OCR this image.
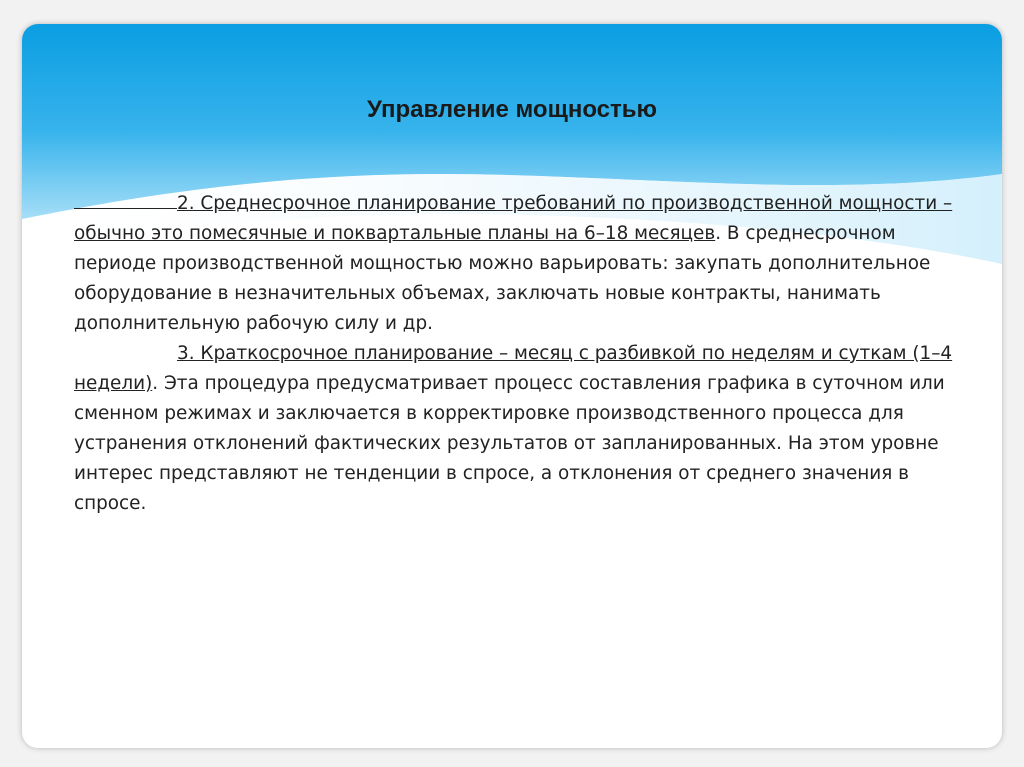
Управление мощностью

2. Среднесрочное планирование требований по производственной мощности – обычно это помесячные и поквартальные планы на 6–18 месяцев. В среднесрочном периоде производственной мощностью можно варьировать: закупать дополнительное оборудование в незначительных объемах, заключать новые контракты, нанимать дополнительную рабочую силу и др.

3. Краткосрочное планирование – месяц с разбивкой по неделям и суткам (1–4 недели). Эта процедура предусматривает процесс составления графика в суточном или сменном режимах и заключается в корректировке производственного процесса для устранения отклонений фактических результатов от запланированных. На этом уровне интерес представляют не тенденции в спросе, а отклонения от среднего значения в спросе.
